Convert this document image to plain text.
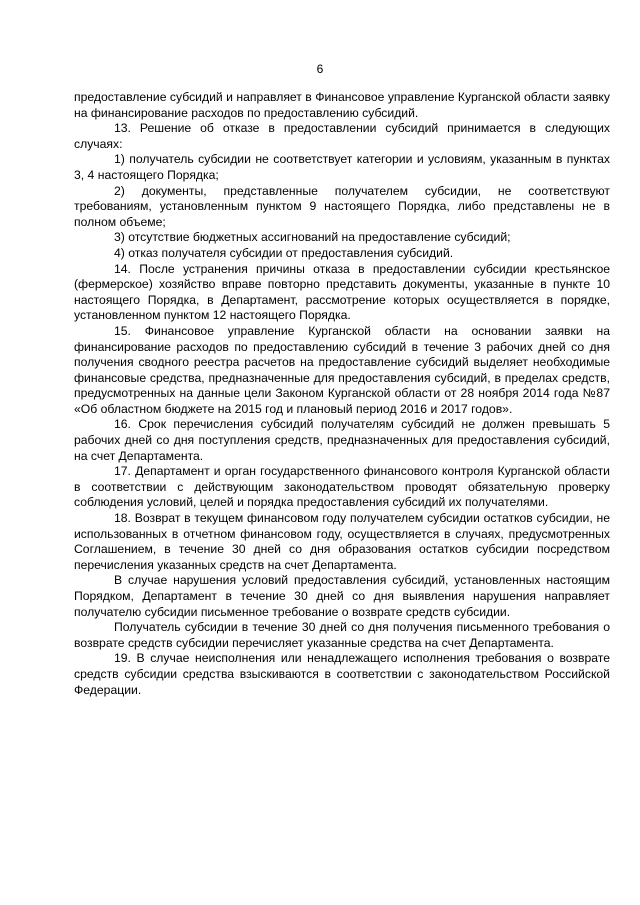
6

предоставление субсидий и направляет в Финансовое управление Курганской области заявку на финансирование расходов по предоставлению субсидий.

13. Решение об отказе в предоставлении субсидий принимается в следующих случаях:

1) получатель субсидии не соответствует категории и условиям, указанным в пунктах 3, 4 настоящего Порядка;

2) документы, представленные получателем субсидии, не соответствуют требованиям, установленным пунктом 9 настоящего Порядка, либо представлены не в полном объеме;

3) отсутствие бюджетных ассигнований на предоставление субсидий;

4) отказ получателя субсидии от предоставления субсидий.

14. После устранения причины отказа в предоставлении субсидии крестьянское (фермерское) хозяйство вправе повторно представить документы, указанные в пункте 10 настоящего Порядка, в Департамент, рассмотрение которых осуществляется в порядке, установленном пунктом 12 настоящего Порядка.

15. Финансовое управление Курганской области на основании заявки на финансирование расходов по предоставлению субсидий в течение 3 рабочих дней со дня получения сводного реестра расчетов на предоставление субсидий выделяет необходимые финансовые средства, предназначенные для предоставления субсидий, в пределах средств, предусмотренных на данные цели Законом Курганской области от 28 ноября 2014 года №87 «Об областном бюджете на 2015 год и плановый период 2016 и 2017 годов».

16. Срок перечисления субсидий получателям субсидий не должен превышать 5 рабочих дней со дня поступления средств, предназначенных для предоставления субсидий, на счет Департамента.

17. Департамент и орган государственного финансового контроля Курганской области в соответствии с действующим законодательством проводят обязательную проверку соблюдения условий, целей и порядка предоставления субсидий их получателями.

18. Возврат в текущем финансовом году получателем субсидии остатков субсидии, не использованных в отчетном финансовом году, осуществляется в случаях, предусмотренных Соглашением, в течение 30 дней со дня образования остатков субсидии посредством перечисления указанных средств на счет Департамента.

В случае нарушения условий предоставления субсидий, установленных настоящим Порядком, Департамент в течение 30 дней со дня выявления нарушения направляет получателю субсидии письменное требование о возврате средств субсидии.

Получатель субсидии в течение 30 дней со дня получения письменного требования о возврате средств субсидии перечисляет указанные средства на счет Департамента.

19. В случае неисполнения или ненадлежащего исполнения требования о возврате средств субсидии средства взыскиваются в соответствии с законодательством Российской Федерации.
